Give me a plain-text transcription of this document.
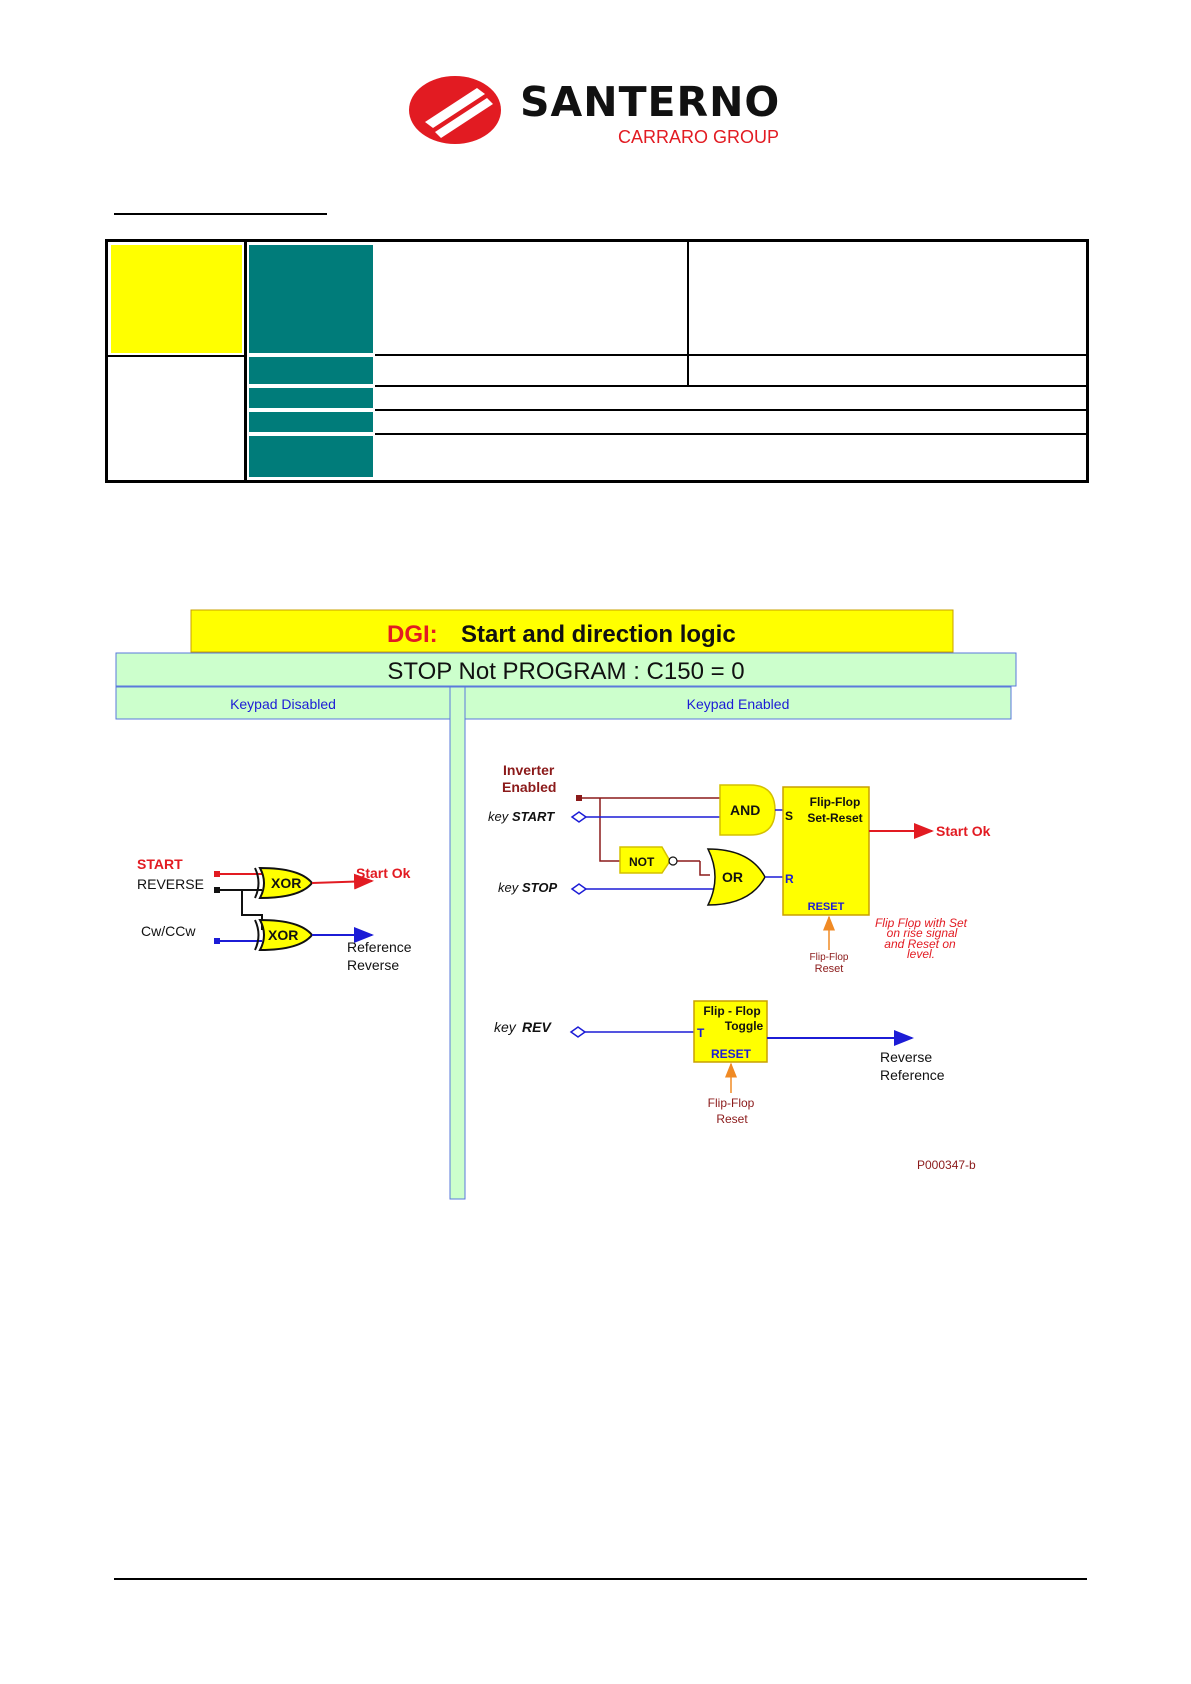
SANTERNO
CARRARO GROUP
DGI: Start and direction logic
STOP Not PROGRAM : C150 = 0
Keypad Disabled	Keypad Enabled
START
REVERSE
Cw/CCw
XOR
Start Ok
XOR
Reference
Reverse
Inverter
Enabled
key START
key STOP
AND
NOT
OR
Flip-Flop
Set-Reset
S
R
RESET
Start Ok
Flip Flop with Set
on rise signal
and Reset on
level.
Flip-Flop
Reset
key REV
Flip - Flop
Toggle
T
RESET	Reverse
Reference
Flip-Flop
Reset
P000347-b
